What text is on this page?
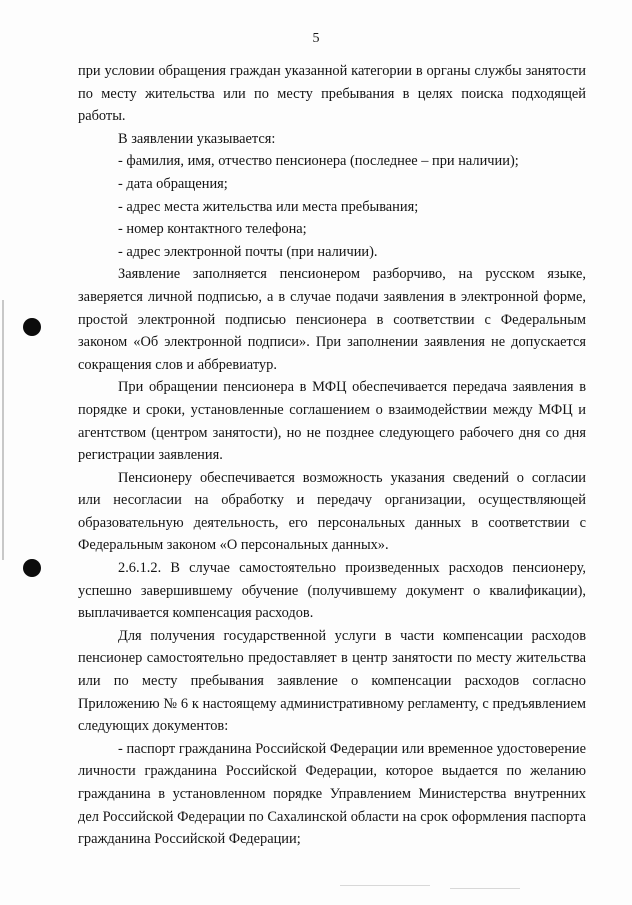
5

при условии обращения граждан указанной категории в органы службы занятости по месту жительства или по месту пребывания в целях поиска подходящей работы.

В заявлении указывается:

- фамилия, имя, отчество пенсионера (последнее – при наличии);

- дата обращения;

- адрес места жительства или места пребывания;

- номер контактного телефона;

- адрес электронной почты (при наличии).

Заявление заполняется пенсионером разборчиво, на русском языке, заверяется личной подписью, а в случае подачи заявления в электронной форме, простой электронной подписью пенсионера в соответствии с Федеральным законом «Об электронной подписи». При заполнении заявления не допускается сокращения слов и аббревиатур.

При обращении пенсионера в МФЦ обеспечивается передача заявления в порядке и сроки, установленные соглашением о взаимодействии между МФЦ и агентством (центром занятости), но не позднее следующего рабочего дня со дня регистрации заявления.

Пенсионеру обеспечивается возможность указания сведений о согласии или несогласии на обработку и передачу организации, осуществляющей образовательную деятельность, его персональных данных в соответствии с Федеральным законом «О персональных данных».

2.6.1.2. В случае самостоятельно произведенных расходов пенсионеру, успешно завершившему обучение (получившему документ о квалификации), выплачивается компенсация расходов.

Для получения государственной услуги в части компенсации расходов пенсионер самостоятельно предоставляет в центр занятости по месту жительства или по месту пребывания заявление о компенсации расходов согласно Приложению № 6 к настоящему административному регламенту, с предъявлением следующих документов:

- паспорт гражданина Российской Федерации или временное удостоверение личности гражданина Российской Федерации, которое выдается по желанию гражданина в установленном порядке Управлением Министерства внутренних дел Российской Федерации по Сахалинской области на срок оформления паспорта гражданина Российской Федерации;
